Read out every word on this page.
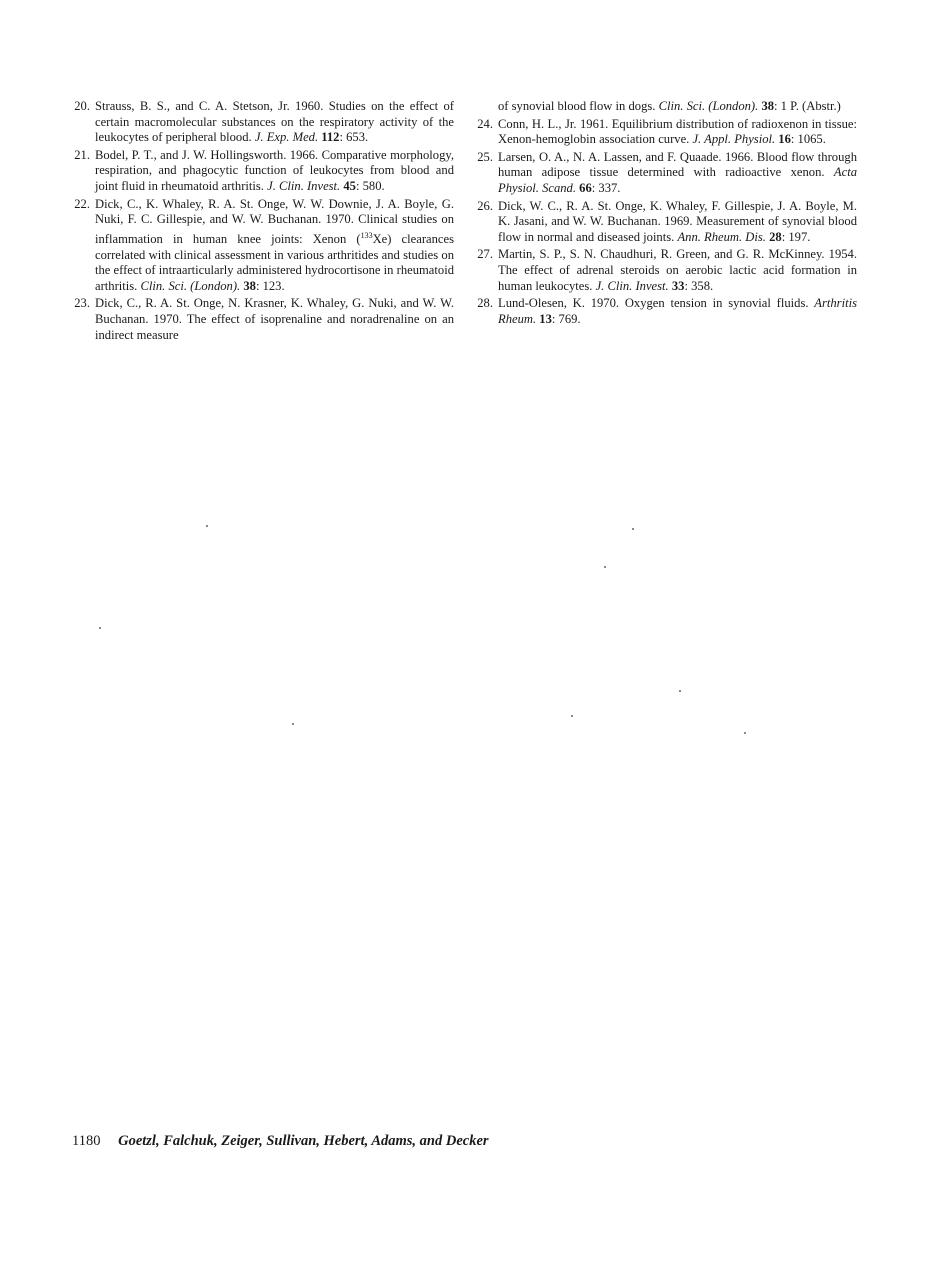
20. Strauss, B. S., and C. A. Stetson, Jr. 1960. Studies on the effect of certain macromolecular substances on the respiratory activity of the leukocytes of peripheral blood. J. Exp. Med. 112: 653.
21. Bodel, P. T., and J. W. Hollingsworth. 1966. Comparative morphology, respiration, and phagocytic function of leukocytes from blood and joint fluid in rheumatoid arthritis. J. Clin. Invest. 45: 580.
22. Dick, C., K. Whaley, R. A. St. Onge, W. W. Downie, J. A. Boyle, G. Nuki, F. C. Gillespie, and W. W. Buchanan. 1970. Clinical studies on inflammation in human knee joints: Xenon ($^{133}$Xe) clearances correlated with clinical assessment in various arthritides and studies on the effect of intraarticularly administered hydrocortisone in rheumatoid arthritis. Clin. Sci. (London). 38: 123.
23. Dick, C., R. A. St. Onge, N. Krasner, K. Whaley, G. Nuki, and W. W. Buchanan. 1970. The effect of isoprenaline and noradrenaline on an indirect measure
of synovial blood flow in dogs. Clin. Sci. (London). 38: 1 P. (Abstr.)
24. Conn, H. L., Jr. 1961. Equilibrium distribution of radioxenon in tissue: Xenon-hemoglobin association curve. J. Appl. Physiol. 16: 1065.
25. Larsen, O. A., N. A. Lassen, and F. Quaade. 1966. Blood flow through human adipose tissue determined with radioactive xenon. Acta Physiol. Scand. 66: 337.
26. Dick, W. C., R. A. St. Onge, K. Whaley, F. Gillespie, J. A. Boyle, M. K. Jasani, and W. W. Buchanan. 1969. Measurement of synovial blood flow in normal and diseased joints. Ann. Rheum. Dis. 28: 197.
27. Martin, S. P., S. N. Chaudhuri, R. Green, and G. R. McKinney. 1954. The effect of adrenal steroids on aerobic lactic acid formation in human leukocytes. J. Clin. Invest. 33: 358.
28. Lund-Olesen, K. 1970. Oxygen tension in synovial fluids. Arthritis Rheum. 13: 769.
1180 Goetzl, Falchuk, Zeiger, Sullivan, Hebert, Adams, and Decker
